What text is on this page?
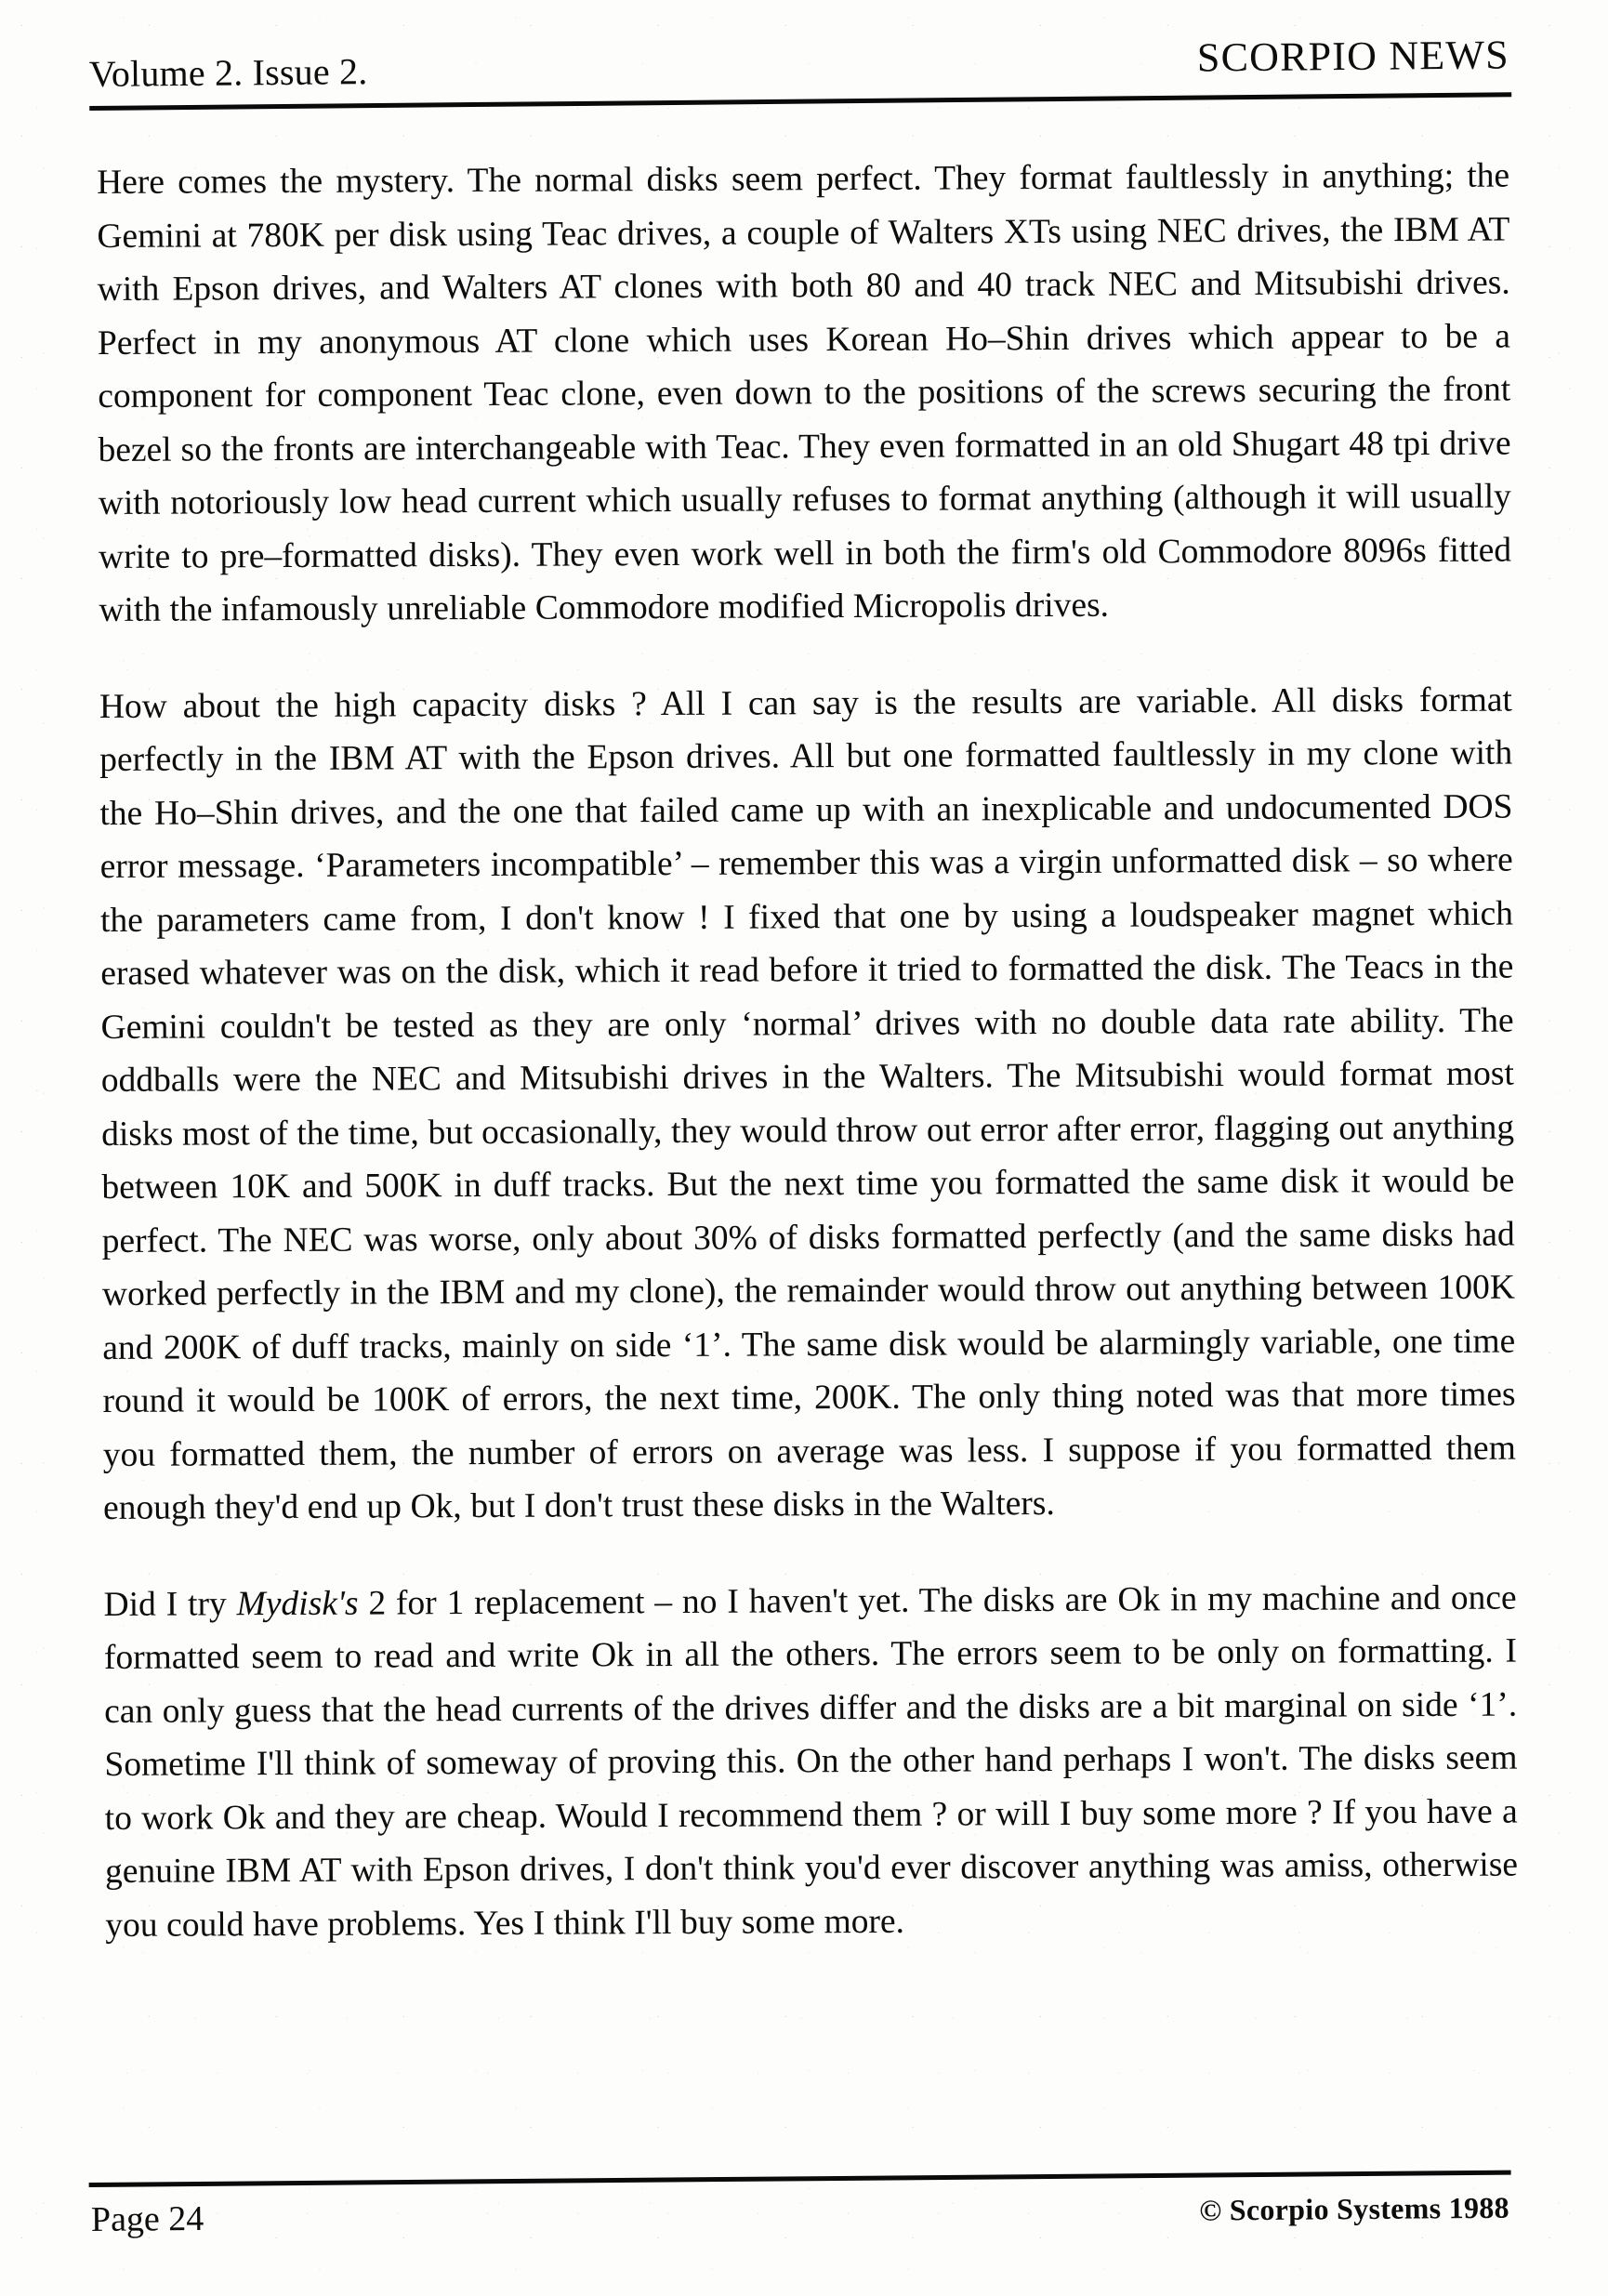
Volume 2. Issue 2.	SCORPIO NEWS

Here comes the mystery. The normal disks seem perfect. They format faultlessly in anything; the Gemini at 780K per disk using Teac drives, a couple of Walters XTs using NEC drives, the IBM AT with Epson drives, and Walters AT clones with both 80 and 40 track NEC and Mitsubishi drives. Perfect in my anonymous AT clone which uses Korean Ho–Shin drives which appear to be a component for component Teac clone, even down to the positions of the screws securing the front bezel so the fronts are interchangeable with Teac. They even formatted in an old Shugart 48 tpi drive with notoriously low head current which usually refuses to format anything (although it will usually write to pre–formatted disks). They even work well in both the firm's old Commodore 8096s fitted with the infamously unreliable Commodore modified Micropolis drives.

How about the high capacity disks ? All I can say is the results are variable. All disks format perfectly in the IBM AT with the Epson drives. All but one formatted faultlessly in my clone with the Ho–Shin drives, and the one that failed came up with an inexplicable and undocumented DOS error message. ‘Parameters incompatible’ – remember this was a virgin unformatted disk – so where the parameters came from, I don't know ! I fixed that one by using a loudspeaker magnet which erased whatever was on the disk, which it read before it tried to formatted the disk. The Teacs in the Gemini couldn't be tested as they are only ‘normal’ drives with no double data rate ability. The oddballs were the NEC and Mitsubishi drives in the Walters. The Mitsubishi would format most disks most of the time, but occasionally, they would throw out error after error, flagging out anything between 10K and 500K in duff tracks. But the next time you formatted the same disk it would be perfect. The NEC was worse, only about 30% of disks formatted perfectly (and the same disks had worked perfectly in the IBM and my clone), the remainder would throw out anything between 100K and 200K of duff tracks, mainly on side ‘1’. The same disk would be alarmingly variable, one time round it would be 100K of errors, the next time, 200K. The only thing noted was that more times you formatted them, the number of errors on average was less. I suppose if you formatted them enough they'd end up Ok, but I don't trust these disks in the Walters.

Did I try Mydisk's 2 for 1 replacement – no I haven't yet. The disks are Ok in my machine and once formatted seem to read and write Ok in all the others. The errors seem to be only on formatting. I can only guess that the head currents of the drives differ and the disks are a bit marginal on side ‘1’. Sometime I'll think of someway of proving this. On the other hand perhaps I won't. The disks seem to work Ok and they are cheap. Would I recommend them ? or will I buy some more ? If you have a genuine IBM AT with Epson drives, I don't think you'd ever discover anything was amiss, otherwise you could have problems. Yes I think I'll buy some more.

Page 24	© Scorpio Systems 1988
